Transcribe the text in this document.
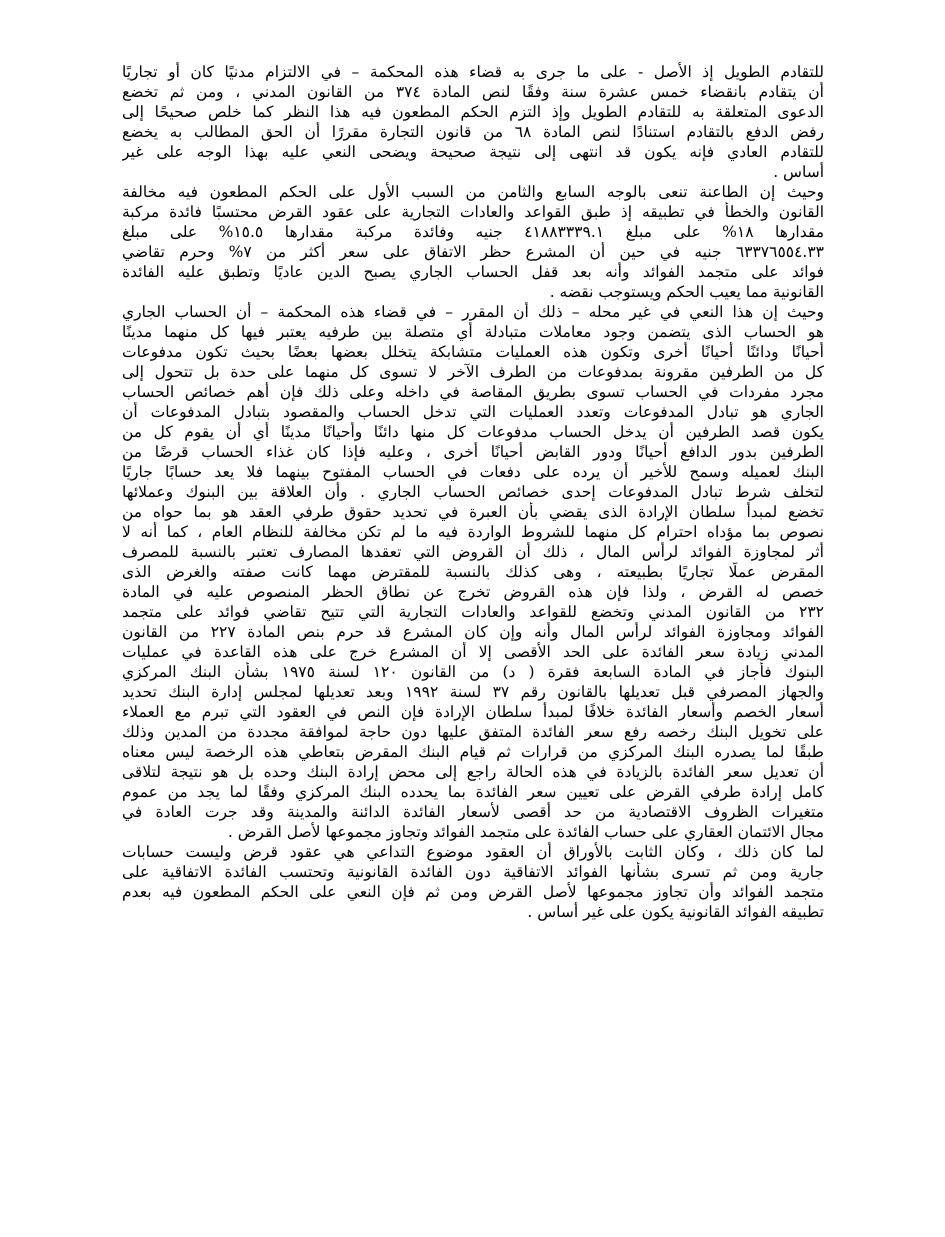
للتقادم الطويل إذ الأصل - على ما جرى به قضاء هذه المحكمة – في الالتزام مدنيًا كان أو تجاريًا
أن يتقادم بانقضاء خمس عشرة سنة وفقًا لنص المادة ٣٧٤ من القانون المدني ، ومن ثم تخضع
الدعوى المتعلقة به للتقادم الطويل وإذ التزم الحكم المطعون فيه هذا النظر كما خلص صحيحًا إلى
رفض الدفع بالتقادم استنادًا لنص المادة ٦٨ من قانون التجارة مقررًا أن الحق المطالب به يخضع
للتقادم العادي فإنه يكون قد انتهى إلى نتيجة صحيحة ويضحى النعي عليه بهذا الوجه على غير
أساس .
وحيث إن الطاعنة تنعى بالوجه السابع والثامن من السبب الأول على الحكم المطعون فيه مخالفة
القانون والخطأ في تطبيقه إذ طبق القواعد والعادات التجارية على عقود القرض محتسبًا فائدة مركبة
مقدارها ١٨% على مبلغ ٤١٨٨٣٣٣٩.١ جنيه وفائدة مركبة مقدارها ١٥.٥% على مبلغ
٦٣٣٧٦٥٥٤.٣٣ جنيه في حين أن المشرع حظر الاتفاق على سعر أكثر من ٧% وحرم تقاضي
فوائد على متجمد الفوائد وأنه بعد قفل الحساب الجاري يصبح الدين عاديًا وتطبق عليه الفائدة
القانونية مما يعيب الحكم ويستوجب نقضه .
وحيث إن هذا النعي في غير محله – ذلك أن المقرر – في قضاء هذه المحكمة – أن الحساب الجاري
هو الحساب الذى يتضمن وجود معاملات متبادلة أي متصلة بين طرفيه يعتبر فيها كل منهما مدينًا
أحيانًا ودائنًا أحيانًا أخرى وتكون هذه العمليات متشابكة يتخلل بعضها بعضًا بحيث تكون مدفوعات
كل من الطرفين مقرونة بمدفوعات من الطرف الآخر لا تسوى كل منهما على حدة بل تتحول إلى
مجرد مفردات في الحساب تسوى بطريق المقاصة في داخله وعلى ذلك فإن أهم خصائص الحساب
الجاري هو تبادل المدفوعات وتعدد العمليات التي تدخل الحساب والمقصود بتبادل المدفوعات أن
يكون قصد الطرفين أن يدخل الحساب مدفوعات كل منها دائنًا وأحيانًا مدينًا أي أن يقوم كل من
الطرفين بدور الدافع أحيانًا ودور القابض أحيانًا أخرى ، وعليه فإذا كان غذاء الحساب قرضًا من
البنك لعميله وسمح للأخير أن يرده على دفعات في الحساب المفتوح بينهما فلا يعد حسابًا جاريًا
لتخلف شرط تبادل المدفوعات إحدى خصائص الحساب الجاري . وأن العلاقة بين البنوك وعملائها
تخضع لمبدأ سلطان الإرادة الذى يقضي بأن العبرة في تحديد حقوق طرفي العقد هو بما حواه من
نصوص بما مؤداه احترام كل منهما للشروط الواردة فيه ما لم تكن مخالفة للنظام العام ، كما أنه لا
أثر لمجاوزة الفوائد لرأس المال ، ذلك أن القروض التي تعقدها المصارف تعتبر بالنسبة للمصرف
المقرض عملًا تجاريًا بطبيعته ، وهى كذلك بالنسبة للمقترض مهما كانت صفته والغرض الذى
خصص له القرض ، ولذا فإن هذه القروض تخرج عن نطاق الحظر المنصوص عليه في المادة
٢٣٢ من القانون المدني وتخضع للقواعد والعادات التجارية التي تتيح تقاضي فوائد على متجمد
الفوائد ومجاوزة الفوائد لرأس المال وأنه وإن كان المشرع قد حرم بنص المادة ٢٢٧ من القانون
المدني زيادة سعر الفائدة على الحد الأقصى إلا أن المشرع خرج على هذه القاعدة في عمليات
البنوك فأجاز في المادة السابعة فقرة ( د) من القانون ١٢٠ لسنة ١٩٧٥ بشأن البنك المركزي
والجهاز المصرفي قبل تعديلها بالقانون رقم ٣٧ لسنة ١٩٩٢ وبعد تعديلها لمجلس إدارة البنك تحديد
أسعار الخصم وأسعار الفائدة خلافًا لمبدأ سلطان الإرادة فإن النص في العقود التي تبرم مع العملاء
على تخويل البنك رخصه رفع سعر الفائدة المتفق عليها دون حاجة لموافقة مجددة من المدين وذلك
طبقًا لما يصدره البنك المركزي من قرارات ثم قيام البنك المقرض بتعاطي هذه الرخصة ليس معناه
أن تعديل سعر الفائدة بالزيادة في هذه الحالة راجع إلى محض إرادة البنك وحده بل هو نتيجة لتلاقى
كامل إرادة طرفي القرض على تعيين سعر الفائدة بما يحدده البنك المركزي وفقًا لما يجد من عموم
متغيرات الظروف الاقتصادية من حد أقصى لأسعار الفائدة الدائنة والمدينة وقد جرت العادة في
مجال الائتمان العقاري على حساب الفائدة على متجمد الفوائد وتجاوز مجموعها لأصل القرض .
لما كان ذلك ، وكان الثابت بالأوراق أن العقود موضوع التداعي هي عقود قرض وليست حسابات
جارية ومن ثم تسرى بشأنها الفوائد الاتفاقية دون الفائدة القانونية وتحتسب الفائدة الاتفاقية على
متجمد الفوائد وأن تجاوز مجموعها لأصل القرض ومن ثم فإن النعي على الحكم المطعون فيه بعدم
تطبيقه الفوائد القانونية يكون على غير أساس .
